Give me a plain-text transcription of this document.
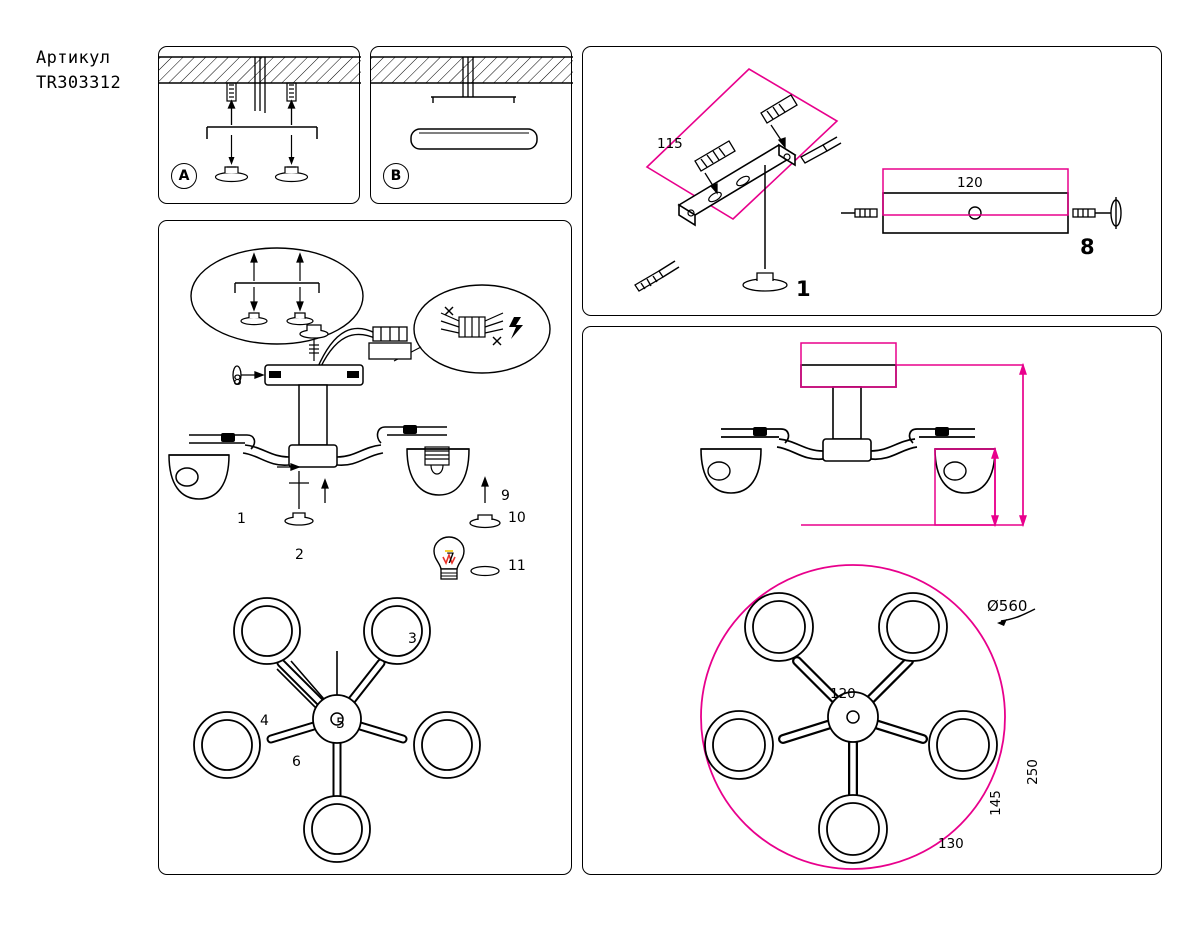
Артикул
TR303312
A	B
1
2
3
4	5
6
7
8
9
10
11
115
120
1
8
120
250
145
130
Ø560
